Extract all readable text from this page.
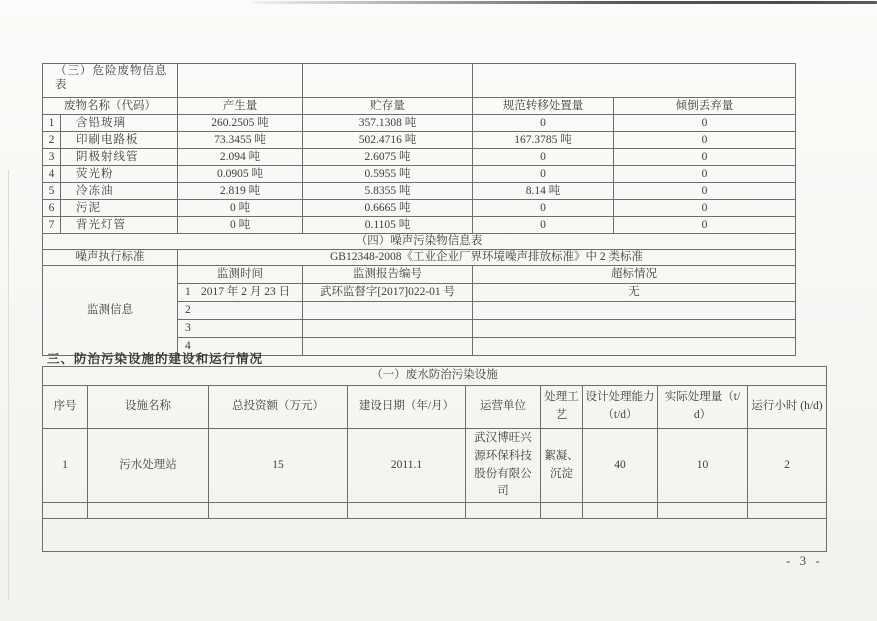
（三）危险废物信息表					
废物名称（代码）		产生量	贮存量	规范转移处置量	倾倒丢弃量
1	含铅玻璃	260.2505 吨	357.1308 吨	0	0
2	印刷电路板	73.3455 吨	502.4716 吨	167.3785 吨	0
3	阴极射线管	2.094 吨	2.6075 吨	0	0
4	荧光粉	0.0905 吨	0.5955 吨	0	0
5	冷冻油	2.819 吨	5.8355 吨	8.14 吨	0
6	污泥	0 吨	0.6665 吨	0	0
7	背光灯管	0 吨	0.1105 吨	0	0
（四）噪声污染物信息表					
噪声执行标准		GB12348-2008《工业企业厂界环境噪声排放标准》中 2 类标准			
监测信息		监测时间	监测报告编号	超标情况	
		1 2017 年 2 月 23 日	武环监督字[2017]022-01 号	无	
		2			
		3			
		4			
三、防治污染设施的建设和运行情况
（一）废水防治污染设施								
序号	设施名称	总投资额（万元）	建设日期（年/月）	运营单位	处理工艺	设计处理能力（t/d）	实际处理量（t/d）	运行小时 (h/d)
1	污水处理站	15	2011.1	武汉博旺兴源环保科技股份有限公司	絮凝、沉淀	40	10	2

- 3 -
